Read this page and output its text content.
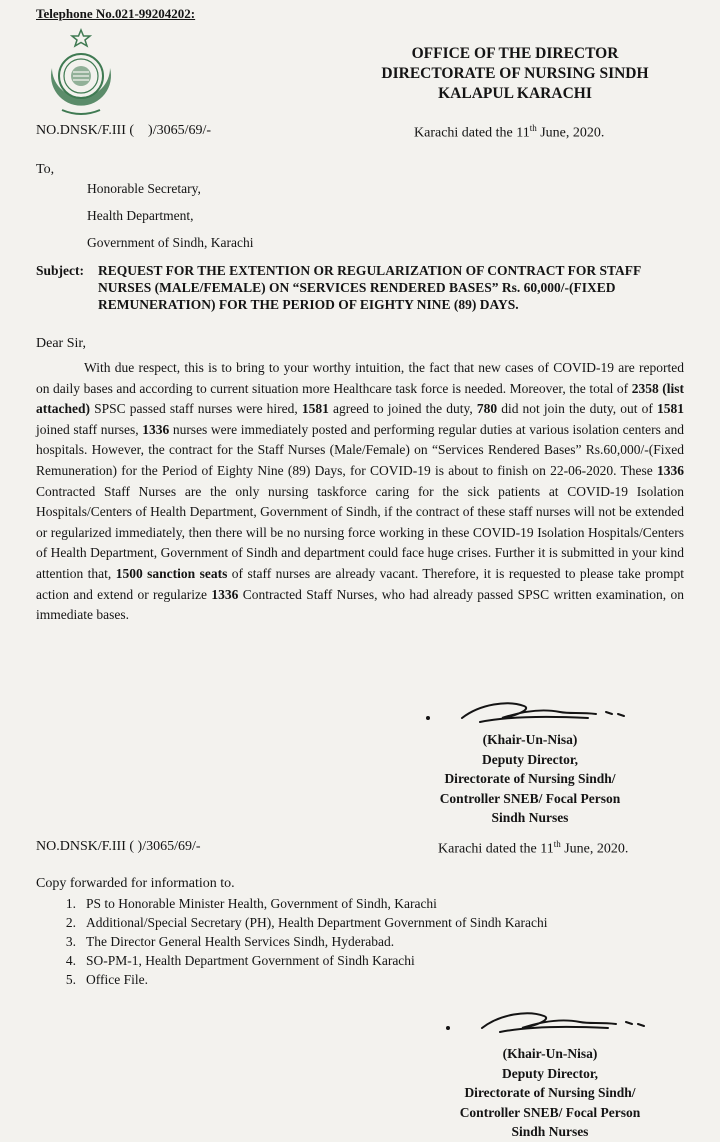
Telephone No.021-99204202:
OFFICE OF THE DIRECTOR
DIRECTORATE OF NURSING SINDH
KALAPUL KARACHI
NO.DNSK/F.III (    )/3065/69/-	Karachi dated the 11th June, 2020.
To,
Honorable Secretary,
Health Department,
Government of Sindh, Karachi
Subject: REQUEST FOR THE EXTENTION OR REGULARIZATION OF CONTRACT FOR STAFF NURSES (MALE/FEMALE) ON “SERVICES RENDERED BASES” Rs. 60,000/-(FIXED REMUNERATION) FOR THE PERIOD OF EIGHTY NINE (89) DAYS.
Dear Sir,

With due respect, this is to bring to your worthy intuition, the fact that new cases of COVID-19 are reported on daily bases and according to current situation more Healthcare task force is needed. Moreover, the total of 2358 (list attached) SPSC passed staff nurses were hired, 1581 agreed to joined the duty, 780 did not join the duty, out of 1581 joined staff nurses, 1336 nurses were immediately posted and performing regular duties at various isolation centers and hospitals. However, the contract for the Staff Nurses (Male/Female) on “Services Rendered Bases” Rs.60,000/-(Fixed Remuneration) for the Period of Eighty Nine (89) Days, for COVID-19 is about to finish on 22-06-2020. These 1336 Contracted Staff Nurses are the only nursing taskforce caring for the sick patients at COVID-19 Isolation Hospitals/Centers of Health Department, Government of Sindh, if the contract of these staff nurses will not be extended or regularized immediately, then there will be no nursing force working in these COVID-19 Isolation Hospitals/Centers of Health Department, Government of Sindh and department could face huge crises. Further it is submitted in your kind attention that, 1500 sanction seats of staff nurses are already vacant. Therefore, it is requested to please take prompt action and extend or regularize 1336 Contracted Staff Nurses, who had already passed SPSC written examination, on immediate bases.

(Khair-Un-Nisa)
Deputy Director,
Directorate of Nursing Sindh/
Controller SNEB/ Focal Person
Sindh Nurses
NO.DNSK/F.III ( )/3065/69/-	Karachi dated the 11th June, 2020.
Copy forwarded for information to.
1. PS to Honorable Minister Health, Government of Sindh, Karachi
2. Additional/Special Secretary (PH), Health Department Government of Sindh Karachi
3. The Director General Health Services Sindh, Hyderabad.
4. SO-PM-1, Health Department Government of Sindh Karachi
5. Office File.
(Khair-Un-Nisa)
Deputy Director,
Directorate of Nursing Sindh/
Controller SNEB/ Focal Person
Sindh Nurses
